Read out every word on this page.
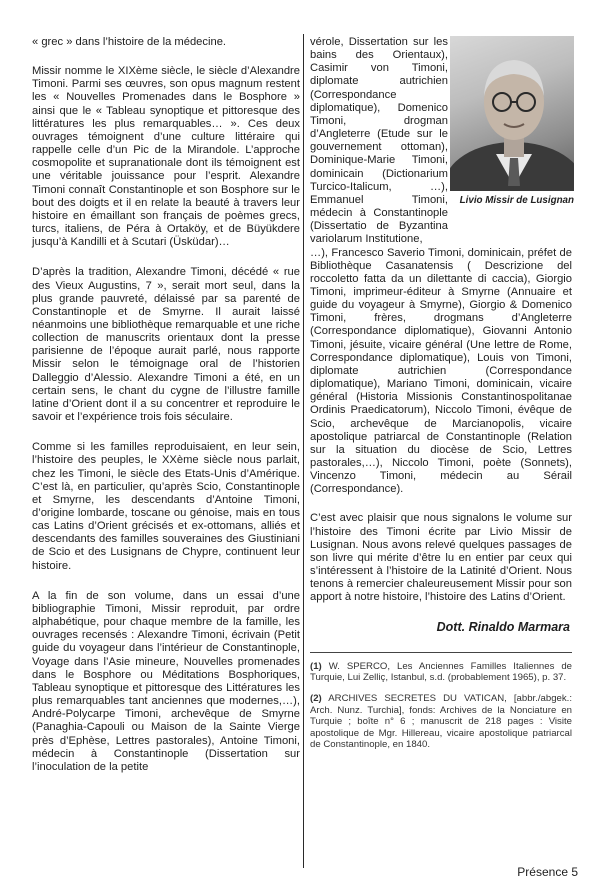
« grec » dans l’histoire de la médecine.

Missir nomme le XIXème siècle, le siècle d’Alexandre Timoni. Parmi ses œuvres, son opus magnum restent les « Nouvelles Promenades dans le Bosphore » ainsi que le « Tableau synoptique et pittoresque des littératures les plus remarquables… ». Ces deux ouvrages témoignent d’une culture littéraire qui rappelle celle d’un Pic de la Mirandole. L’approche cosmopolite et supranationale dont ils témoignent est une véritable jouissance pour l’esprit. Alexandre Timoni connaît Constantinople et son Bosphore sur le bout des doigts et il en relate la beauté à travers leur histoire en émaillant son français de poèmes grecs, turcs, italiens, de Péra à Ortaköy, et de Büyükdere jusqu’à Kandilli et à Scutari (Üsküdar)…

D’après la tradition, Alexandre Timoni, décédé « rue des Vieux Augustins, 7 », serait mort seul, dans la plus grande pauvreté, délaissé par sa parenté de Constantinople et de Smyrne. Il aurait laissé néanmoins une bibliothèque remarquable et une riche collection de manuscrits orientaux dont la presse parisienne de l’époque aurait parlé, nous rapporte Missir selon le témoignage oral de l’historien Dalleggio d’Alessio. Alexandre Timoni a été, en un certain sens, le chant du cygne de l’illustre famille latine d’Orient dont il a su concentrer et reproduire le savoir et l’expérience trois fois séculaire.

Comme si les familles reproduisaient, en leur sein, l’histoire des peuples, le XXème siècle nous parlait, chez les Timoni, le siècle des Etats-Unis d’Amérique. C’est là, en particulier, qu’après Scio, Constantinople et Smyrne, les descendants d’Antoine Timoni, d’origine lombarde, toscane ou génoise, mais en tous cas Latins d’Orient grécisés et ex-ottomans, alliés et descendants des familles souveraines des Giustiniani de Scio et des Lusignans de Chypre, continuent leur histoire.

A la fin de son volume, dans un essai d’une bibliographie Timoni, Missir reproduit, par ordre alphabétique, pour chaque membre de la famille, les ouvrages recensés : Alexandre Timoni, écrivain (Petit guide du voyageur dans l’intérieur de Constantinople, Voyage dans l’Asie mineure, Nouvelles promenades dans le Bosphore ou Méditations Bosphoriques, Tableau synoptique et pittoresque des Littératures les plus remarquables tant anciennes que modernes,…), André-Polycarpe Timoni, archevêque de Smyrne (Panaghia-Capouli ou Maison de la Sainte Vierge près d’Ephèse, Lettres pastorales), Antoine Timoni, médecin à Constantinople (Dissertation sur l’inoculation de la petite

Livio Missir de Lusignan

vérole, Dissertation sur les bains des Orientaux), Casimir von Timoni, diplomate autrichien (Correspondance diplomatique), Domenico Timoni, drogman d’Angleterre (Etude sur le gouvernement ottoman), Dominique-Marie Timoni, dominicain (Dictionarium Turcico-Italicum, …), Emmanuel Timoni, médecin à Constantinople (Dissertatio de Byzantina variolarum Institutione,

…), Francesco Saverio Timoni, dominicain, préfet de Bibliothèque Casanatensis ( Descrizione del roccoletto fatta da un dilettante di caccia), Giorgio Timoni, imprimeur-éditeur à Smyrne (Annuaire et guide du voyageur à Smyrne), Giorgio & Domenico Timoni, frères, drogmans d’Angleterre (Correspondance diplomatique), Giovanni Antonio Timoni, jésuite, vicaire général (Une lettre de Rome, Correspondance diplomatique), Louis von Timoni, diplomate autrichien (Correspondance diplomatique), Mariano Timoni, dominicain, vicaire général (Historia Missionis Constantinospolitanae Ordinis Praedicatorum), Niccolo Timoni, évêque de Scio, archevêque de Marcianopolis, vicaire apostolique patriarcal de Constantinople (Relation sur la situation du diocèse de Scio, Lettres pastorales,…), Niccolo Timoni, poète (Sonnets), Vincenzo Timoni, médecin au Sérail (Correspondance).

C’est avec plaisir que nous signalons le volume sur l’histoire des Timoni écrite par Livio Missir de Lusignan. Nous avons relevé quelques passages de son livre qui mérite d’être lu en entier par ceux qui s’intéressent à l’histoire de la Latinité d’Orient. Nous tenons à remercier chaleureusement Missir pour son apport à notre histoire, l’histoire des Latins d’Orient.

Dott. Rinaldo Marmara
(1) W. SPERCO, Les Anciennes Familles Italiennes de Turquie, Lui Zelliç, Istanbul, s.d. (probablement 1965), p. 37.
(2) ARCHIVES SECRETES DU VATICAN, [abbr./abgek.: Arch. Nunz. Turchia], fonds: Archives de la Nonciature en Turquie ; boîte n° 6 ; manuscrit de 218 pages : Visite apostolique de Mgr. Hillereau, vicaire apostolique patriarcal de Constantinople, en 1840.
Présence 5
